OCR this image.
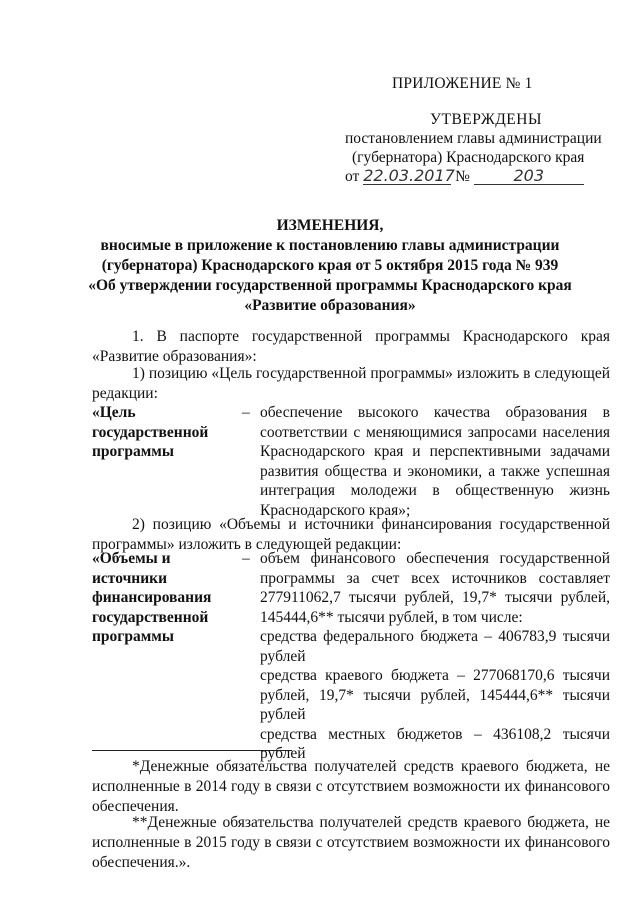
ПРИЛОЖЕНИЕ № 1
УТВЕРЖДЕНЫ
постановлением главы администрации
(губернатора) Краснодарского края
от 22.03.2017 №	203
ИЗМЕНЕНИЯ,
вносимые в приложение к постановлению главы администрации
(губернатора) Краснодарского края от 5 октября 2015 года № 939
«Об утверждении государственной программы Краснодарского края
«Развитие образования»
1. В паспорте государственной программы Краснодарского края «Развитие образования»:
1) позицию «Цель государственной программы» изложить в следующей редакции:
«Цель государственной программы
– обеспечение высокого качества образования в соответствии с меняющимися запросами населения Краснодарского края и перспективными задачами развития общества и экономики, а также успешная интеграция молодежи в общественную жизнь Краснодарского края»;
2) позицию «Объемы и источники финансирования государственной программы» изложить в следующей редакции:
«Объемы и источники финансирования государственной программы
– объем финансового обеспечения государственной программы за счет всех источников составляет 277911062,7 тысячи рублей, 19,7* тысячи рублей, 145444,6** тысячи рублей, в том числе:

средства федерального бюджета – 406783,9 тысячи рублей

средства краевого бюджета – 277068170,6 тысячи рублей, 19,7* тысячи рублей, 145444,6** тысячи рублей

средства местных бюджетов – 436108,2 тысячи рублей

*Денежные обязательства получателей средств краевого бюджета, не исполненные в 2014 году в связи с отсутствием возможности их финансового обеспечения.
**Денежные обязательства получателей средств краевого бюджета, не исполненные в 2015 году в связи с отсутствием возможности их финансового обеспечения.».
